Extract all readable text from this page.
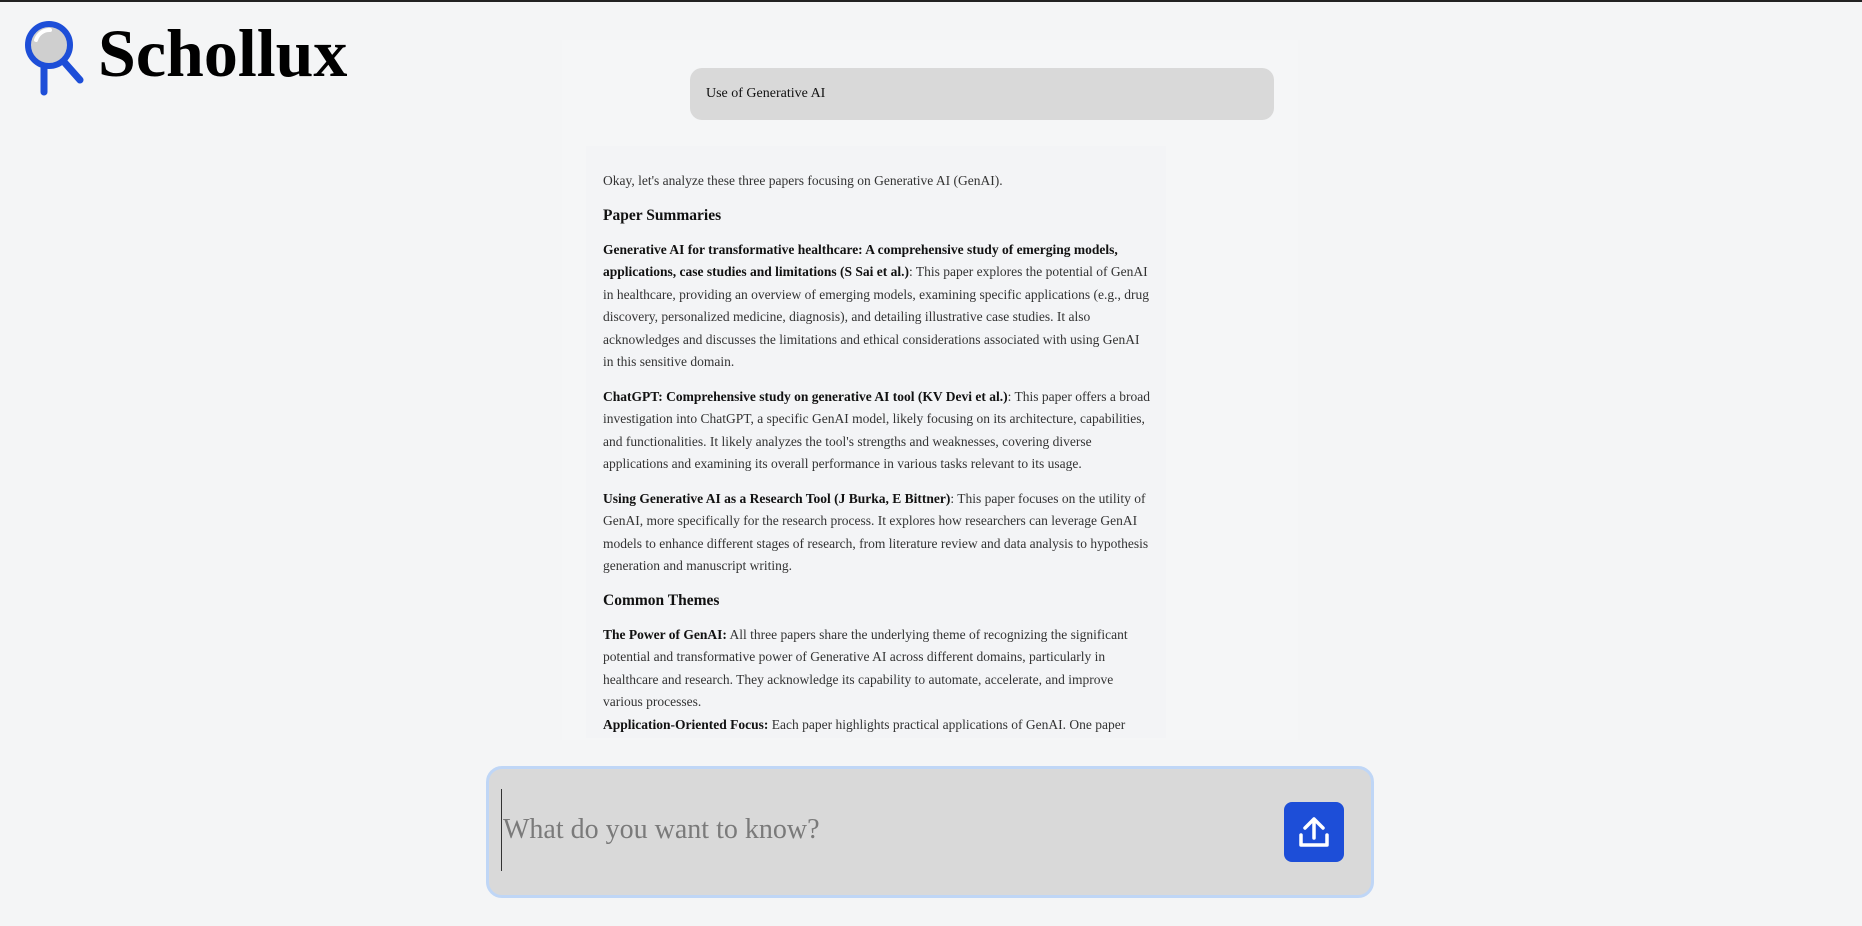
Schollux
Use of Generative AI

Okay, let's analyze these three papers focusing on Generative AI (GenAI).

Paper Summaries

Generative AI for transformative healthcare: A comprehensive study of emerging models, applications, case studies and limitations (S Sai et al.): This paper explores the potential of GenAI in healthcare, providing an overview of emerging models, examining specific applications (e.g., drug discovery, personalized medicine, diagnosis), and detailing illustrative case studies. It also acknowledges and discusses the limitations and ethical considerations associated with using GenAI in this sensitive domain.

ChatGPT: Comprehensive study on generative AI tool (KV Devi et al.): This paper offers a broad investigation into ChatGPT, a specific GenAI model, likely focusing on its architecture, capabilities, and functionalities. It likely analyzes the tool's strengths and weaknesses, covering diverse applications and examining its overall performance in various tasks relevant to its usage.

Using Generative AI as a Research Tool (J Burka, E Bittner): This paper focuses on the utility of GenAI, more specifically for the research process. It explores how researchers can leverage GenAI models to enhance different stages of research, from literature review and data analysis to hypothesis generation and manuscript writing.

Common Themes

The Power of GenAI: All three papers share the underlying theme of recognizing the significant potential and transformative power of Generative AI across different domains, particularly in healthcare and research. They acknowledge its capability to automate, accelerate, and improve various processes.

Application-Oriented Focus: Each paper highlights practical applications of GenAI. One paper

What do you want to know?
